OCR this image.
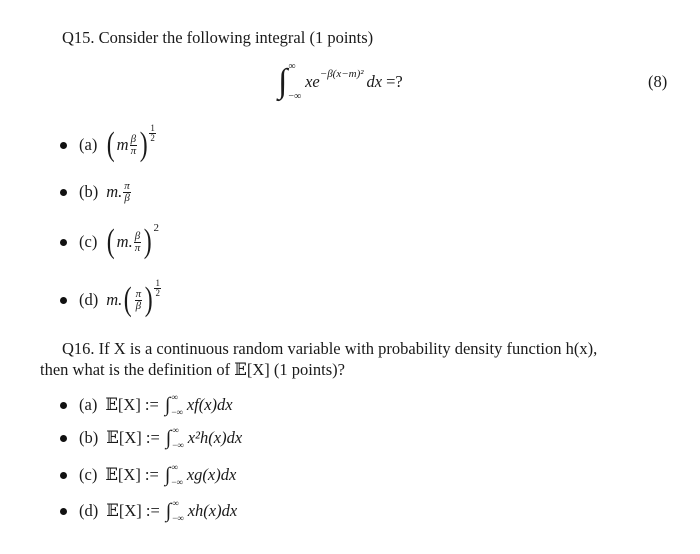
Q15. Consider the following integral (1 points)
∫ ∞
−∞
xe −β(x−m)² dx =?	(8)
(a) ( m $\frac{\beta}{\pi}$ ) $\frac{1}{2}$
(b) m. $\frac{\pi}{\beta}$
(c) ( m. $\frac{\beta}{\pi}$ ) 2
(d) m. ( $\frac{\pi}{\beta}$ ) $\frac{1}{2}$
Q16. If X is a continuous random variable with probability density function h(x),
then what is the definition of 𝔼[X] (1 points)?
(a) 𝔼[X] := ∫ ∞
−∞ xf(x)dx
(b) 𝔼[X] := ∫ ∞
−∞ x²h(x)dx
(c) 𝔼[X] := ∫ ∞
−∞ xg(x)dx
(d) 𝔼[X] := ∫ ∞
−∞ xh(x)dx
